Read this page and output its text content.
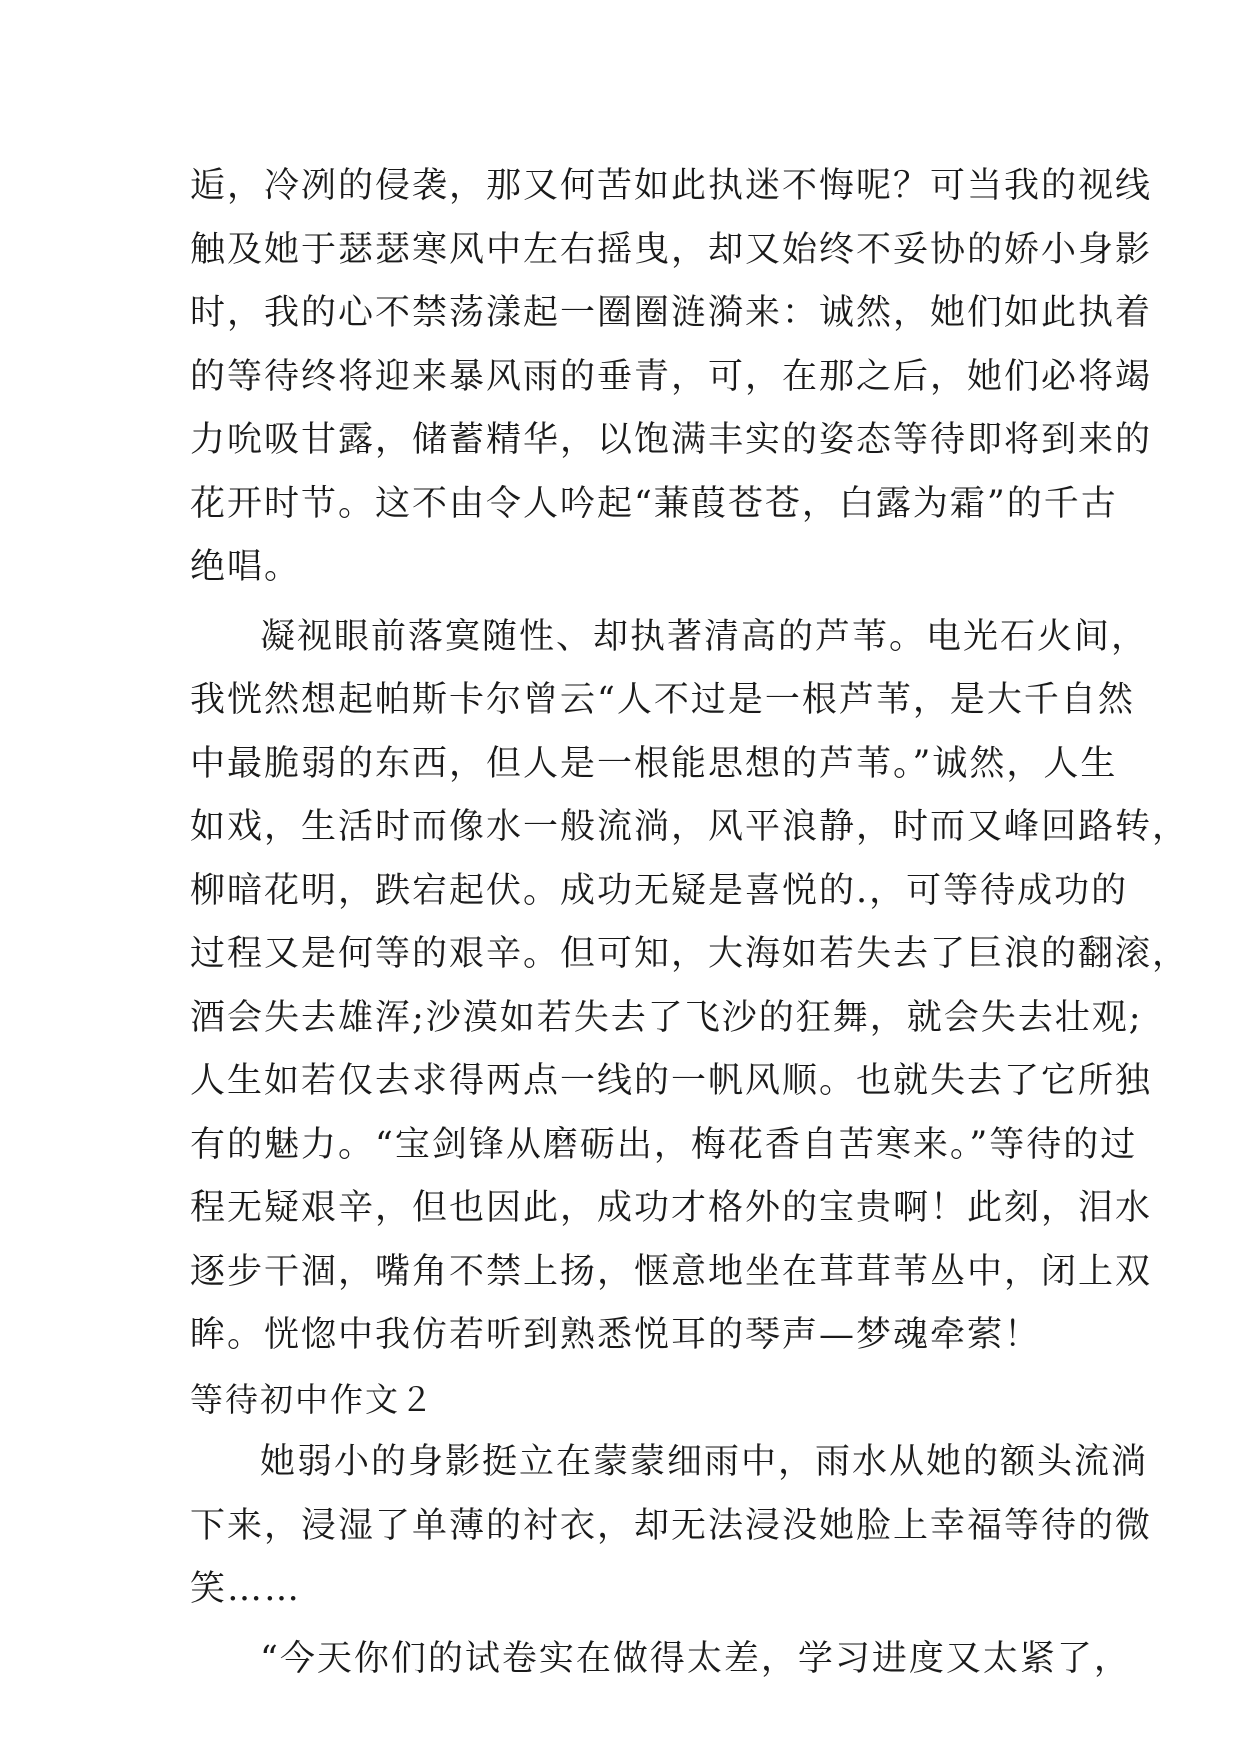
逅，冷冽的侵袭，那又何苦如此执迷不悔呢？可当我的视线
触及她于瑟瑟寒风中左右摇曳，却又始终不妥协的娇小身影
时，我的心不禁荡漾起一圈圈涟漪来：诚然，她们如此执着
的等待终将迎来暴风雨的垂青，可，在那之后，她们必将竭
力吮吸甘露，储蓄精华，以饱满丰实的姿态等待即将到来的
花开时节。这不由令人吟起“蒹葭苍苍，白露为霜”的千古
绝唱。
凝视眼前落寞随性、却执著清高的芦苇。电光石火间，
我恍然想起帕斯卡尔曾云“人不过是一根芦苇，是大千自然
中最脆弱的东西，但人是一根能思想的芦苇。”诚然，人生
如戏，生活时而像水一般流淌，风平浪静，时而又峰回路转，
柳暗花明，跌宕起伏。成功无疑是喜悦的.，可等待成功的
过程又是何等的艰辛。但可知，大海如若失去了巨浪的翻滚，
酒会失去雄浑;沙漠如若失去了飞沙的狂舞，就会失去壮观;
人生如若仅去求得两点一线的一帆风顺。也就失去了它所独
有的魅力。“宝剑锋从磨砺出，梅花香自苦寒来。”等待的过
程无疑艰辛，但也因此，成功才格外的宝贵啊！此刻，泪水
逐步干涸，嘴角不禁上扬，惬意地坐在茸茸苇丛中，闭上双
眸。恍惚中我仿若听到熟悉悦耳的琴声—梦魂牵萦！
等待初中作文２
她弱小的身影挺立在蒙蒙细雨中，雨水从她的额头流淌
下来，浸湿了单薄的衬衣，却无法浸没她脸上幸福等待的微
笑……
“今天你们的试卷实在做得太差，学习进度又太紧了，
